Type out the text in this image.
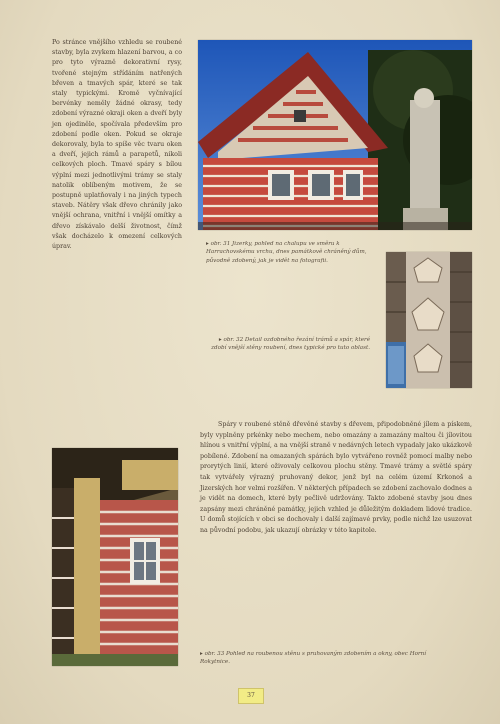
Po stránce vnějšího vzhledu se roubené stavby, byla zvykem hlazení barvou, a co pro tyto výrazně dekorativní rysy, tvořené stejným střídáním natřených břeven a tmavých spár, které se tak staly typickými. Kromě vyčnívající bervénky neměly žádné okrasy, tedy zdobení výrazné okraji oken a dveří byly jen ojediněle, spočívala především pro zdobení podle oken. Pokud se okraje dekorovaly, byla to spíše věc tvaru oken a dveří, jejich rámů a parapetů, nikoli celkových ploch. Tmavé spáry s bílou výplní mezi jednotlivými trámy se staly natolik oblíbeným motivem, že se postupně uplatňovaly i na jiných typech staveb. Nátěry však dřevo chránily jako vnější ochrana, vnitřní i vnější omítky a dřevo získávalo delší životnost, čímž však docházelo k omezení celkových úprav.	▸ obr. 31 Jizerky, pohled na chalupu ve směru k Harrachovskému vrchu, dnes památkově chráněný dům, původně zdobený, jak je vidět na fotografii.
▸ obr. 32 Detail ozdobného řezání trámů a spár, které zdobí vnější stěny roubení, dnes typické pro tuto oblast.
Spáry v roubené stěně dřevěné stavby s dřevem, připodobněné jílem a pískem, byly vyplněny prkénky nebo mechem, nebo omazány a zamazány maltou či jílovitou hlínou s vnitřní výplní, a na vnější straně v nedávných letech vypadaly jako ukázkově pobílené. Zdobení na omazaných spárách bylo vytvářeno rovněž pomocí malby nebo prorytých linií, které oživovaly celkovou plochu stěny. Tmavé trámy a světlé spáry tak vytvářely výrazný pruhovaný dekor, jenž byl na celém území Krkonoš a Jizerských hor velmi rozšířen. V některých případech se zdobení zachovalo dodnes a je vidět na domech, které byly pečlivě udržovány. Takto zdobené stavby jsou dnes zapsány mezi chráněné památky, jejich vzhled je důležitým dokladem lidové tradice. U domů stojících v obci se dochovaly i další zajímavé prvky, podle nichž lze usuzovat na původní podobu, jak ukazují obrázky v této kapitole.
▸ obr. 33 Pohled na roubenou stěnu s pruhovaným zdobením a okny, obec Horní Rokytnice.
37
